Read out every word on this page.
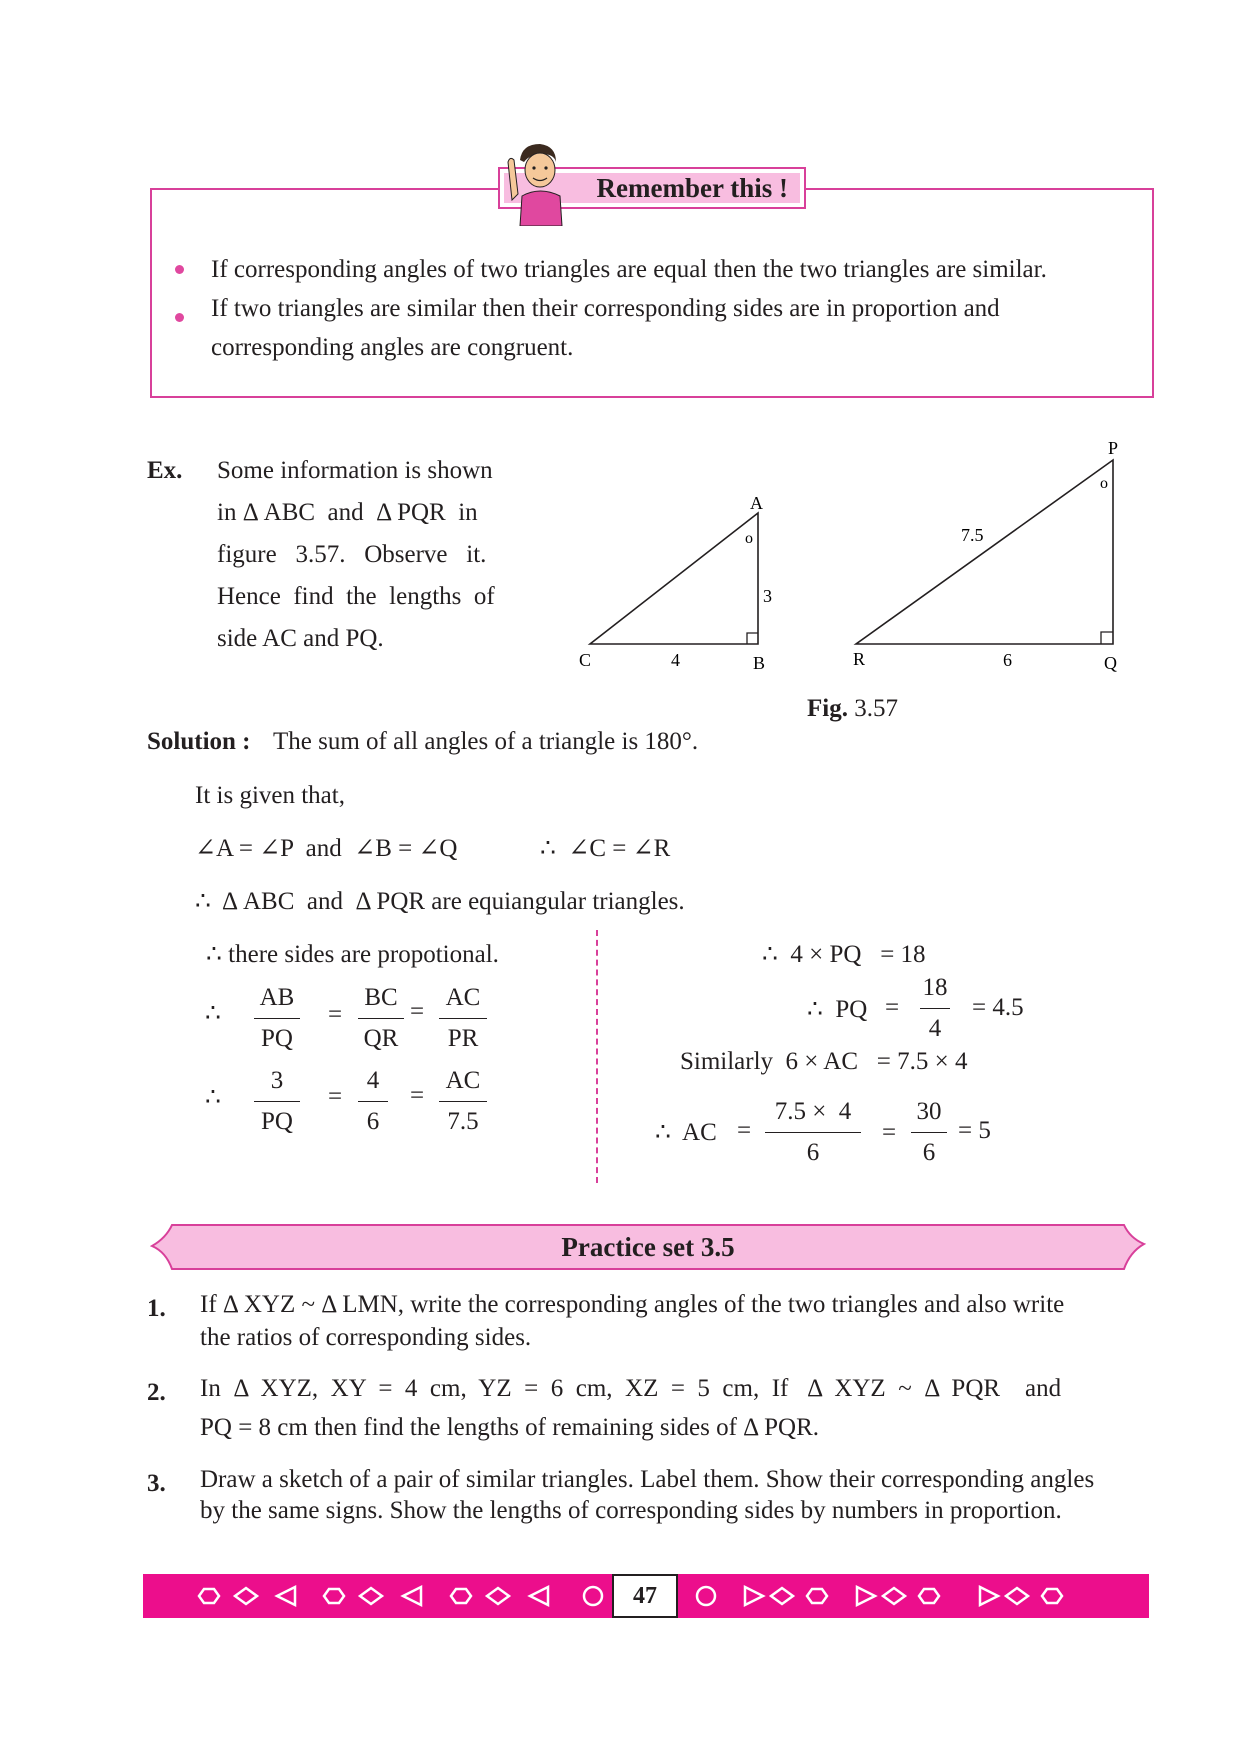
Remember this !
If corresponding angles of two triangles are equal then the two triangles are similar.
If two triangles are similar then their corresponding sides are in proportion and
corresponding angles are congruent.
Ex. Some information is shown
in Δ ABC  and  Δ PQR  in
figure   3.57.   Observe   it.
Hence  find  the  lengths  of
side AC and PQ.
A
C	B
3
4
o
P
R	Q
7.5
6
o
Fig. 3.57
Solution : The sum of all angles of a triangle is 180°.
It is given that,
∠A = ∠P  and  ∠B = ∠Q	∴  ∠C = ∠R
∴  Δ ABC  and  Δ PQR are equiangular triangles.
∴ there sides are propotional.
∴
AB
PQ
=
BC
QR
=
AC
PR
∴
3
PQ
=
4
6
=
AC
7.5
∴  4 × PQ   = 18
∴  PQ =
18
4
= 4.5
Similarly  6 × AC   = 7.5 × 4
∴  AC =
7.5 ×  4
6
=
30
6
= 5
Practice set 3.5
1. If Δ XYZ ~ Δ LMN, write the corresponding angles of the two triangles and also write
the ratios of corresponding sides.
2. In  Δ  XYZ,  XY  =  4  cm,  YZ  =  6  cm,  XZ  =  5  cm,  If   Δ  XYZ  ~  Δ  PQR    and
PQ = 8 cm then find the lengths of remaining sides of Δ PQR.
3. Draw a sketch of a pair of similar triangles. Label them. Show their corresponding angles
by the same signs. Show the lengths of corresponding sides by numbers in proportion.
47
